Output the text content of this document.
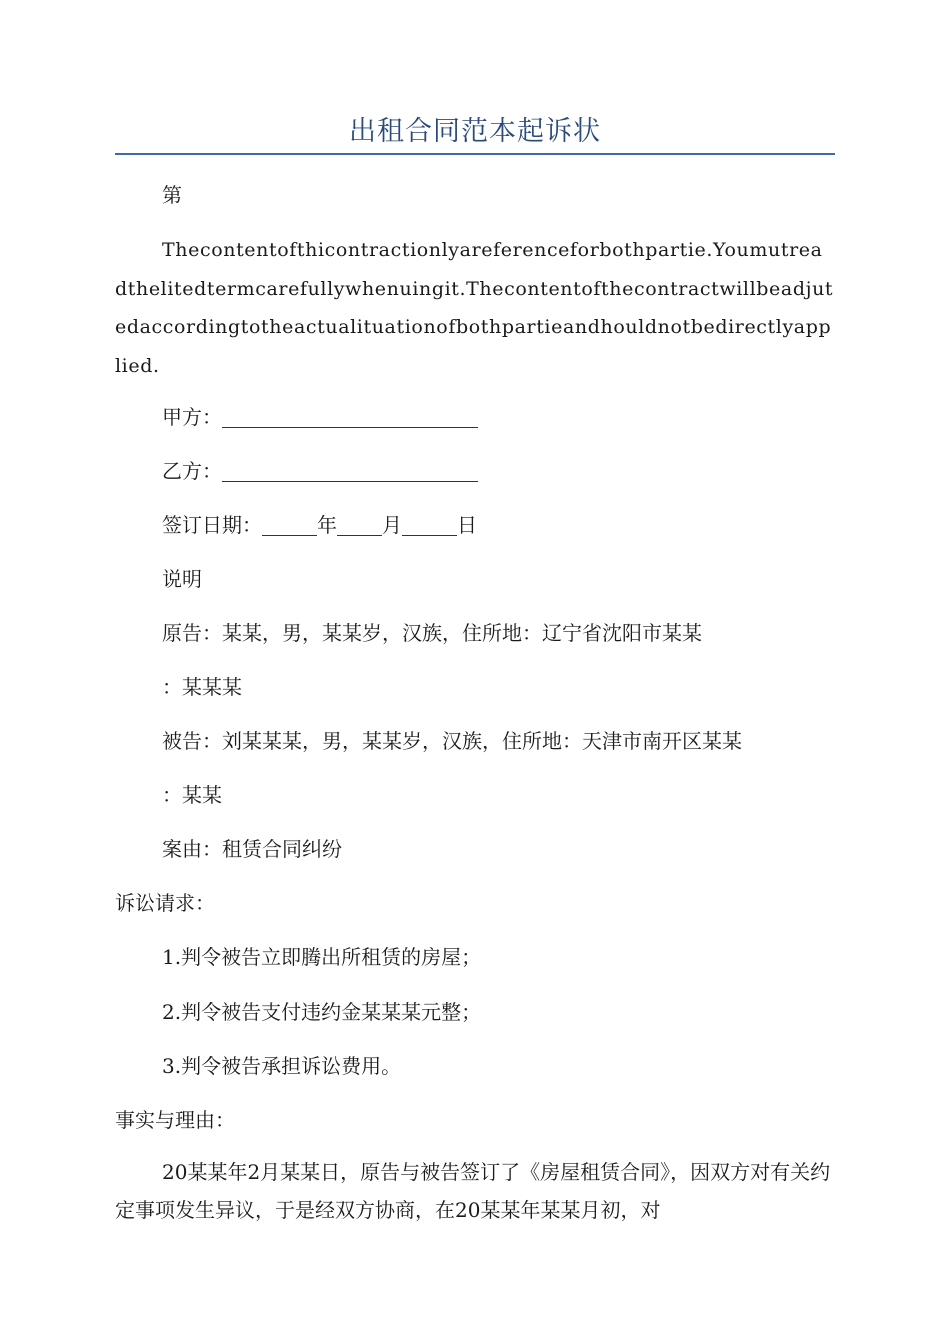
出租合同范本起诉状
第
Thecontentofthicontractionlyareferenceforbothpartie.Youmutreadthelitedtermcarefullywhenuingit.Thecontentofthecontractwillbeadjutedaccordingtotheactualituationofbothpartieandhouldnotbedirectlyapplied.
甲方：
乙方：
签订日期：	年 月	日
说明
原告：某某，男，某某岁，汉族，住所地：辽宁省沈阳市某某
：某某某
被告：刘某某某，男，某某岁，汉族，住所地：天津市南开区某某
：某某
案由：租赁合同纠纷
诉讼请求：
1.判令被告立即腾出所租赁的房屋；
2.判令被告支付违约金某某某元整；
3.判令被告承担诉讼费用。
事实与理由：
20某某年2月某某日，原告与被告签订了《房屋租赁合同》，因双方对有关约定事项发生异议，于是经双方协商，在20某某年某某月初，对
